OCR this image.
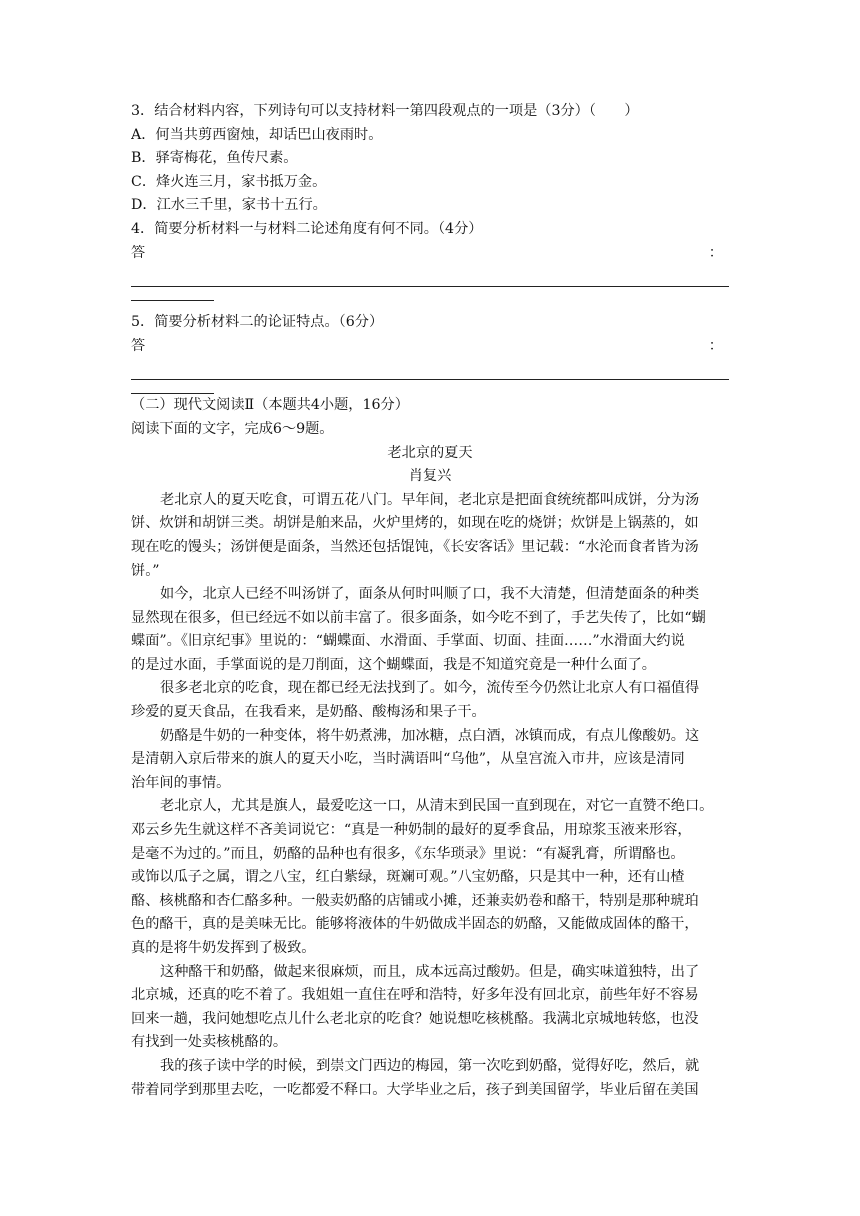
3．结合材料内容，下列诗句可以支持材料一第四段观点的一项是（3分）（　　）
A．何当共剪西窗烛，却话巴山夜雨时。
B．驿寄梅花，鱼传尺素。
C．烽火连三月，家书抵万金。
D．江水三千里，家书十五行。
4．简要分析材料一与材料二论述角度有何不同。（4分）
答	：
5．简要分析材料二的论证特点。（6分）
答	：
（二）现代文阅读Ⅱ（本题共4小题，16分）
阅读下面的文字，完成6～9题。
老北京的夏天
肖复兴
老北京人的夏天吃食，可谓五花八门。早年间，老北京是把面食统统都叫成饼，分为汤
饼、炊饼和胡饼三类。胡饼是舶来品，火炉里烤的，如现在吃的烧饼；炊饼是上锅蒸的，如
现在吃的馒头；汤饼便是面条，当然还包括馄饨，《长安客话》里记载：“水沦而食者皆为汤
饼。”
如今，北京人已经不叫汤饼了，面条从何时叫顺了口，我不大清楚，但清楚面条的种类
显然现在很多，但已经远不如以前丰富了。很多面条，如今吃不到了，手艺失传了，比如“蝴
蝶面”。《旧京纪事》里说的：“蝴蝶面、水滑面、手掌面、切面、挂面……”水滑面大约说
的是过水面，手掌面说的是刀削面，这个蝴蝶面，我是不知道究竟是一种什么面了。
很多老北京的吃食，现在都已经无法找到了。如今，流传至今仍然让北京人有口福值得
珍爱的夏天食品，在我看来，是奶酪、酸梅汤和果子干。
奶酪是牛奶的一种变体，将牛奶煮沸，加冰糖，点白酒，冰镇而成，有点儿像酸奶。这
是清朝入京后带来的旗人的夏天小吃，当时满语叫“乌他”，从皇宫流入市井，应该是清同
治年间的事情。
老北京人，尤其是旗人，最爱吃这一口，从清末到民国一直到现在，对它一直赞不绝口。
邓云乡先生就这样不吝美词说它：“真是一种奶制的最好的夏季食品，用琼浆玉液来形容，
是毫不为过的。”而且，奶酪的品种也有很多，《东华琐录》里说：“有凝乳膏，所谓酪也。
或饰以瓜子之属，谓之八宝，红白紫绿，斑斓可观。”八宝奶酪，只是其中一种，还有山楂
酪、核桃酪和杏仁酪多种。一般卖奶酪的店铺或小摊，还兼卖奶卷和酪干，特别是那种琥珀
色的酪干，真的是美味无比。能够将液体的牛奶做成半固态的奶酪，又能做成固体的酪干，
真的是将牛奶发挥到了极致。
这种酪干和奶酪，做起来很麻烦，而且，成本远高过酸奶。但是，确实味道独特，出了
北京城，还真的吃不着了。我姐姐一直住在呼和浩特，好多年没有回北京，前些年好不容易
回来一趟，我问她想吃点儿什么老北京的吃食？她说想吃核桃酪。我满北京城地转悠，也没
有找到一处卖核桃酪的。
我的孩子读中学的时候，到崇文门西边的梅园，第一次吃到奶酪，觉得好吃，然后，就
带着同学到那里去吃，一吃都爱不释口。大学毕业之后，孩子到美国留学，毕业后留在美国
